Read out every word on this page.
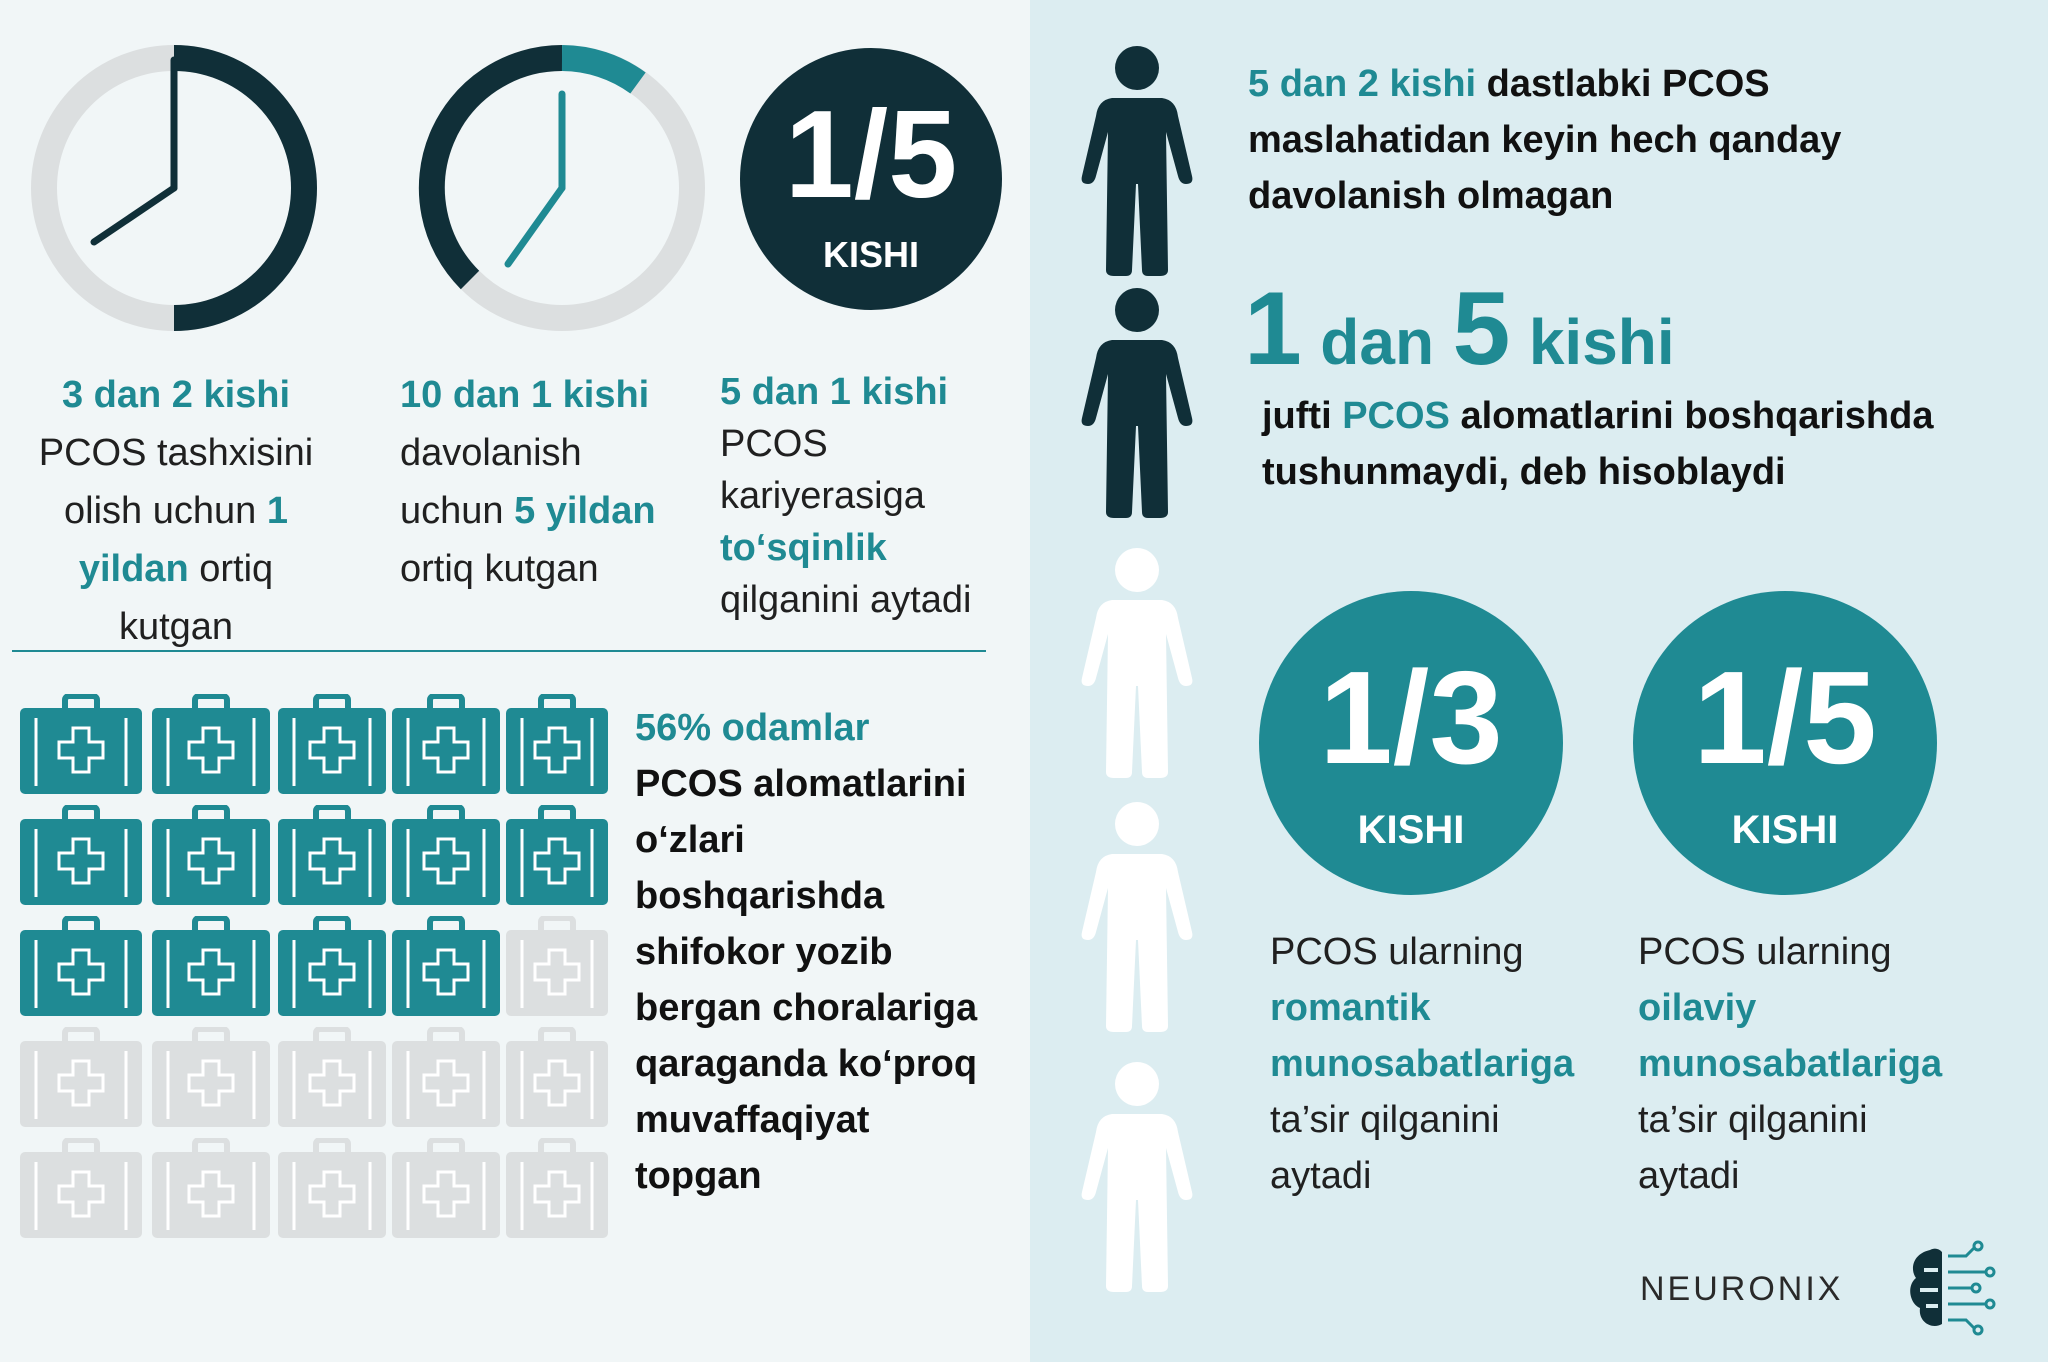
3 dan 2 kishi
PCOS tashxisini
olish uchun 1
yildan ortiq
kutgan
10 dan 1 kishi
davolanish
uchun 5 yildan
ortiq kutgan
1/5
KISHI
5 dan 1 kishi
PCOS
kariyerasiga
to‘sqinlik
qilganini aytadi
56% odamlar
PCOS alomatlarini
o‘zlari
boshqarishda
shifokor yozib
bergan choralariga
qaraganda ko‘proq
muvaffaqiyat
topgan
5 dan 2 kishi dastlabki PCOS
maslahatidan keyin hech qanday
davolanish olmagan
1 dan 5 kishi
jufti PCOS alomatlarini boshqarishda
tushunmaydi, deb hisoblaydi
1/3
KISHI
1/5
KISHI
PCOS ularning
romantik
munosabatlariga
ta’sir qilganini
aytadi
PCOS ularning
oilaviy
munosabatlariga
ta’sir qilganini
aytadi
NEURONIX
